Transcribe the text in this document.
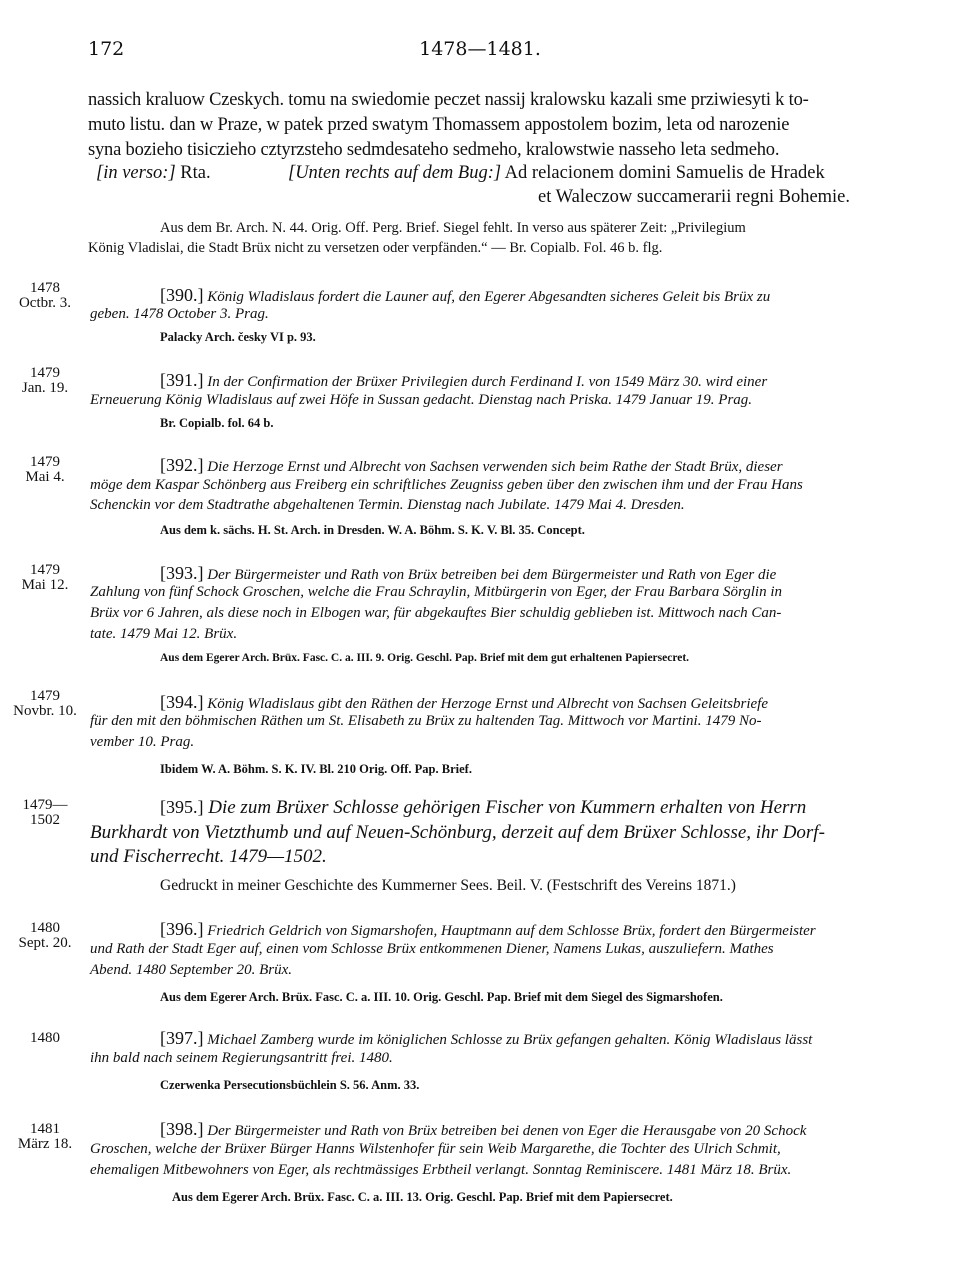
172	1478—1481.
nassich kraluow Czeskych. tomu na swiedomie peczet nassij kralowsku kazali sme prziwiesyti k to-
muto listu. dan w Praze, w patek przed swatym Thomassem appostolem bozim, leta od narozenie
syna bozieho tisiczieho cztyrzsteho sedmdesateho sedmeho, kralowstwie nasseho leta sedmeho.
[in verso:] Rta.	[Unten rechts auf dem Bug:] Ad relacionem domini Samuelis de Hradek
et Waleczow succamerarii regni Bohemie.
Aus dem Br. Arch. N. 44. Orig. Off. Perg. Brief. Siegel fehlt. In verso aus späterer Zeit: „Privilegium
König Vladislai, die Stadt Brüx nicht zu versetzen oder verpfänden.“ — Br. Copialb. Fol. 46 b. flg.
1478
Octbr. 3.	[390.] König Wladislaus fordert die Launer auf, den Egerer Abgesandten sicheres Geleit bis Brüx zu
geben. 1478 October 3. Prag.
Palacky Arch. česky VI p. 93.
1479
Jan. 19.	[391.] In der Confirmation der Brüxer Privilegien durch Ferdinand I. von 1549 März 30. wird einer
Erneuerung König Wladislaus auf zwei Höfe in Sussan gedacht. Dienstag nach Priska. 1479 Januar 19. Prag.
Br. Copialb. fol. 64 b.
1479
Mai 4.
[392.] Die Herzoge Ernst und Albrecht von Sachsen verwenden sich beim Rathe der Stadt Brüx, dieser
möge dem Kaspar Schönberg aus Freiberg ein schriftliches Zeugniss geben über den zwischen ihm und der Frau Hans
Schenckin vor dem Stadtrathe abgehaltenen Termin. Dienstag nach Jubilate. 1479 Mai 4. Dresden.
Aus dem k. sächs. H. St. Arch. in Dresden. W. A. Böhm. S. K. V. Bl. 35. Concept.
1479
Mai 12.
[393.] Der Bürgermeister und Rath von Brüx betreiben bei dem Bürgermeister und Rath von Eger die
Zahlung von fünf Schock Groschen, welche die Frau Schraylin, Mitbürgerin von Eger, der Frau Barbara Sörglin in
Brüx vor 6 Jahren, als diese noch in Elbogen war, für abgekauftes Bier schuldig geblieben ist. Mittwoch nach Can-
tate. 1479 Mai 12. Brüx.
Aus dem Egerer Arch. Brüx. Fasc. C. a. III. 9. Orig. Geschl. Pap. Brief mit dem gut erhaltenen Papiersecret.
1479
Novbr. 10.	[394.] König Wladislaus gibt den Räthen der Herzoge Ernst und Albrecht von Sachsen Geleitsbriefe
für den mit den böhmischen Räthen um St. Elisabeth zu Brüx zu haltenden Tag. Mittwoch vor Martini. 1479 No-
vember 10. Prag.
Ibidem W. A. Böhm. S. K. IV. Bl. 210 Orig. Off. Pap. Brief.
1479—
1502
[395.] Die zum Brüxer Schlosse gehörigen Fischer von Kummern erhalten von Herrn
Burkhardt von Vietzthumb und auf Neuen-Schönburg, derzeit auf dem Brüxer Schlosse, ihr Dorf-
und Fischerrecht. 1479—1502.
Gedruckt in meiner Geschichte des Kummerner Sees. Beil. V. (Festschrift des Vereins 1871.)
1480
Sept. 20.
[396.] Friedrich Geldrich von Sigmarshofen, Hauptmann auf dem Schlosse Brüx, fordert den Bürgermeister
und Rath der Stadt Eger auf, einen vom Schlosse Brüx entkommenen Diener, Namens Lukas, auszuliefern. Mathes
Abend. 1480 September 20. Brüx.
Aus dem Egerer Arch. Brüx. Fasc. C. a. III. 10. Orig. Geschl. Pap. Brief mit dem Siegel des Sigmarshofen.
1480	[397.] Michael Zamberg wurde im königlichen Schlosse zu Brüx gefangen gehalten. König Wladislaus lässt
ihn bald nach seinem Regierungsantritt frei. 1480.
Czerwenka Persecutionsbüchlein S. 56. Anm. 33.
1481
März 18.
[398.] Der Bürgermeister und Rath von Brüx betreiben bei denen von Eger die Herausgabe von 20 Schock
Groschen, welche der Brüxer Bürger Hanns Wilstenhofer für sein Weib Margarethe, die Tochter des Ulrich Schmit,
ehemaligen Mitbewohners von Eger, als rechtmässiges Erbtheil verlangt. Sonntag Reminiscere. 1481 März 18. Brüx.
Aus dem Egerer Arch. Brüx. Fasc. C. a. III. 13. Orig. Geschl. Pap. Brief mit dem Papiersecret.
